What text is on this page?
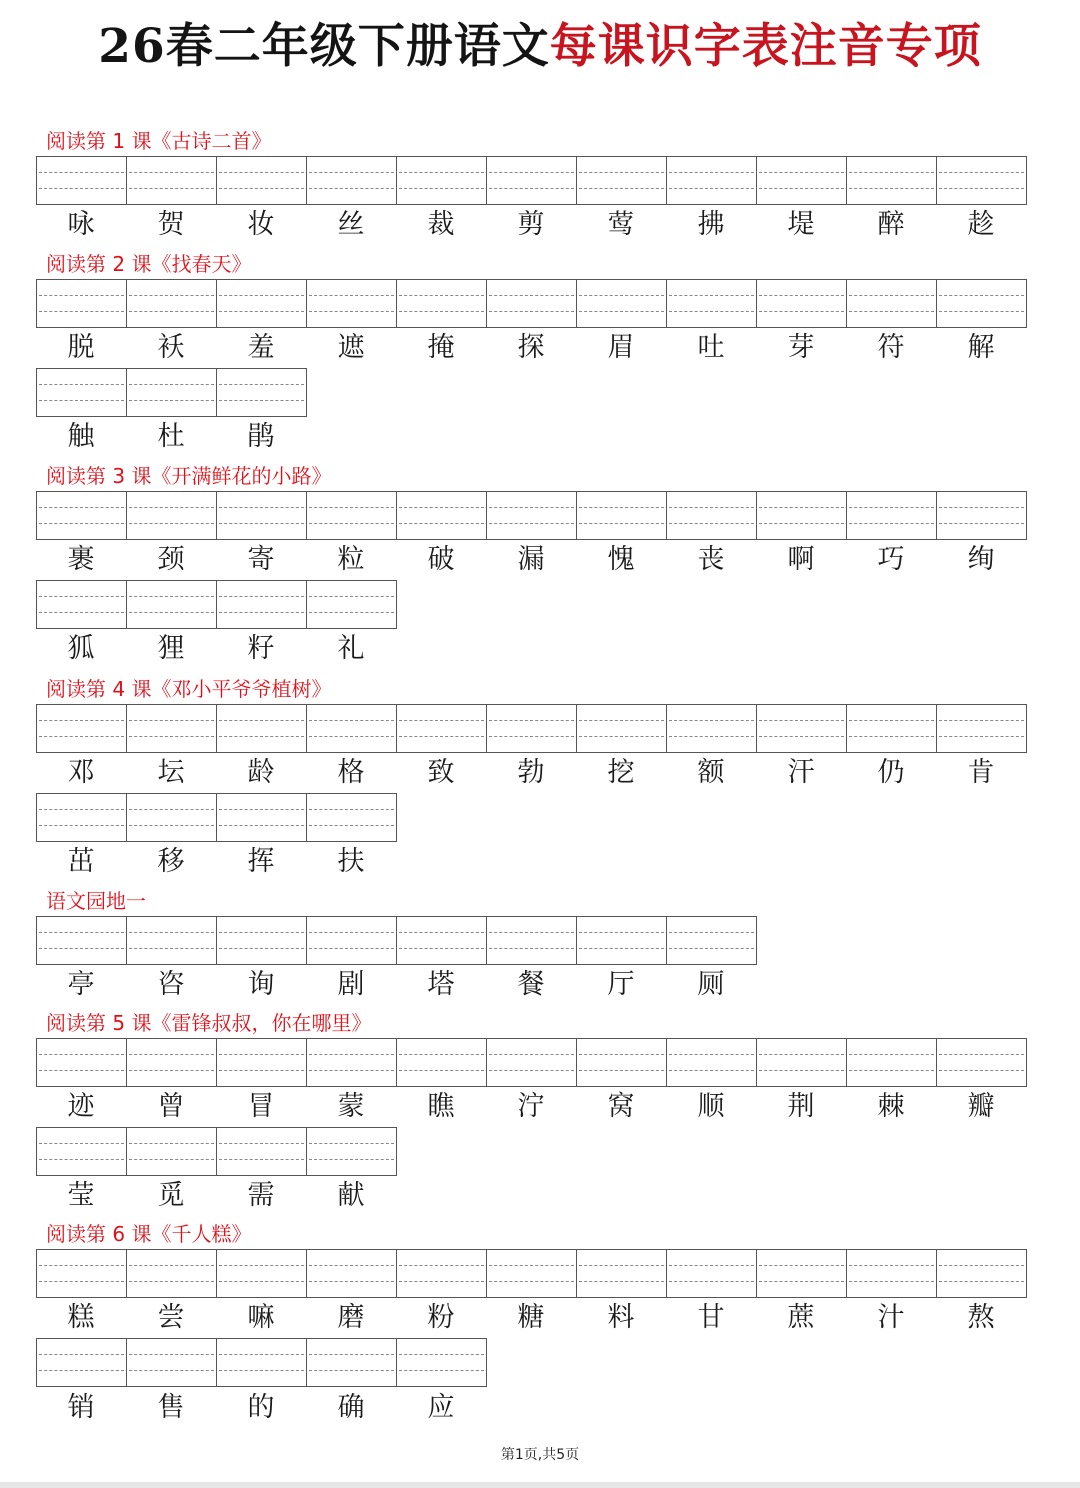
26春二年级下册语文每课识字表注音专项
阅读第 1 课《古诗二首》
咏	贺	妆	丝	裁	剪	莺	拂	堤	醉	趁
阅读第 2 课《找春天》
脱	袄	羞	遮	掩	探	眉	吐	芽	符	解
触	杜	鹃
阅读第 3 课《开满鲜花的小路》
裹	颈	寄	粒	破	漏	愧	丧	啊	巧	绚
狐	狸	籽	礼
阅读第 4 课《邓小平爷爷植树》
邓	坛	龄	格	致	勃	挖	额	汗	仍	肯
茁	移	挥	扶
语文园地一
亭	咨	询	剧	塔	餐	厅	厕
阅读第 5 课《雷锋叔叔，你在哪里》
迹	曾	冒	蒙	瞧	泞	窝	顺	荆	棘	瓣
莹	觅	需	献
阅读第 6 课《千人糕》
糕	尝	嘛	磨	粉	糖	料	甘	蔗	汁	熬
销	售	的	确	应
第1页,共5页
